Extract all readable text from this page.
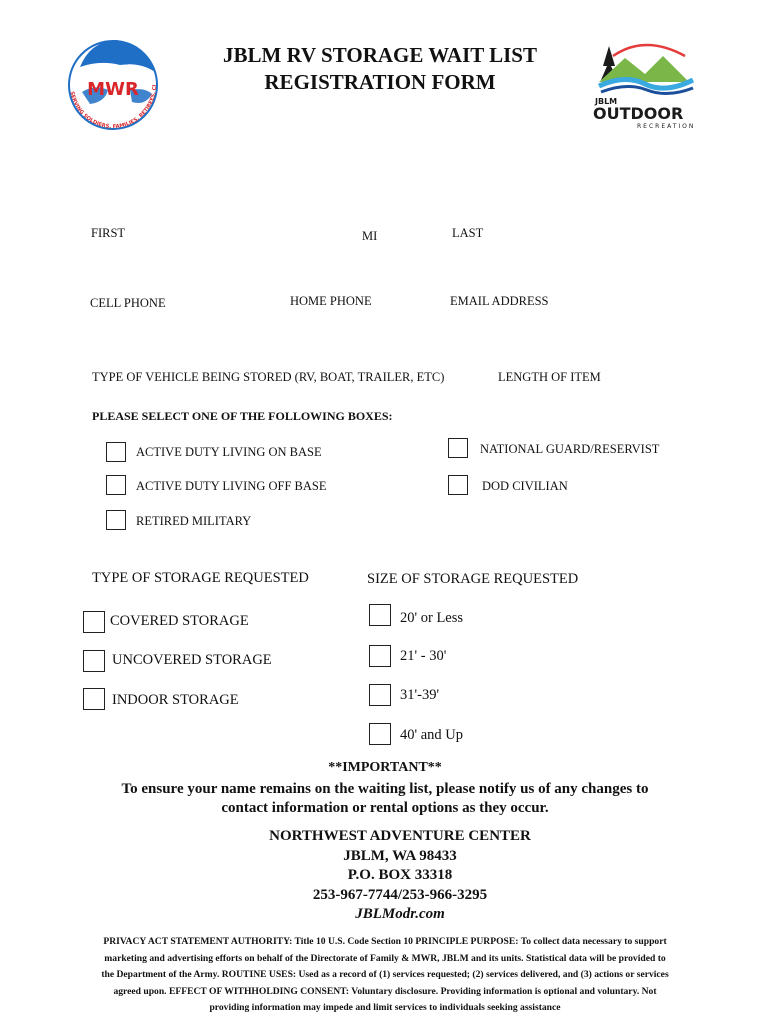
JBLM
MWR
SERVING SOLDIERS, FAMILIES, RETIREES, CI
JBLM RV STORAGE WAIT LIST
REGISTRATION FORM
JBLM
OUTDOOR
RECREATION
FIRST	MI	LAST
CELL PHONE	HOME PHONE	EMAIL ADDRESS
TYPE OF VEHICLE BEING STORED (RV, BOAT, TRAILER, ETC)	LENGTH OF ITEM
PLEASE SELECT ONE OF THE FOLLOWING BOXES:
ACTIVE DUTY LIVING ON BASE	NATIONAL GUARD/RESERVIST
ACTIVE DUTY LIVING OFF BASE	DOD CIVILIAN
RETIRED MILITARY
TYPE OF STORAGE REQUESTED	SIZE OF STORAGE REQUESTED
COVERED STORAGE
UNCOVERED STORAGE
INDOOR STORAGE
20' or Less
21' - 30'
31'-39'
40' and Up
**IMPORTANT**
To ensure your name remains on the waiting list, please notify us of any changes to
contact information or rental options as they occur.
NORTHWEST ADVENTURE CENTER
JBLM, WA 98433
P.O. BOX 33318
253-967-7744/253-966-3295
JBLModr.com
PRIVACY ACT STATEMENT AUTHORITY: Title 10 U.S. Code Section 10 PRINCIPLE PURPOSE: To collect data necessary to support
marketing and advertising efforts on behalf of the Directorate of Family & MWR, JBLM and its units. Statistical data will be provided to
the Department of the Army. ROUTINE USES: Used as a record of (1) services requested; (2) services delivered, and (3) actions or services
agreed upon. EFFECT OF WITHHOLDING CONSENT: Voluntary disclosure. Providing information is optional and voluntary. Not
providing information may impede and limit services to individuals seeking assistance
